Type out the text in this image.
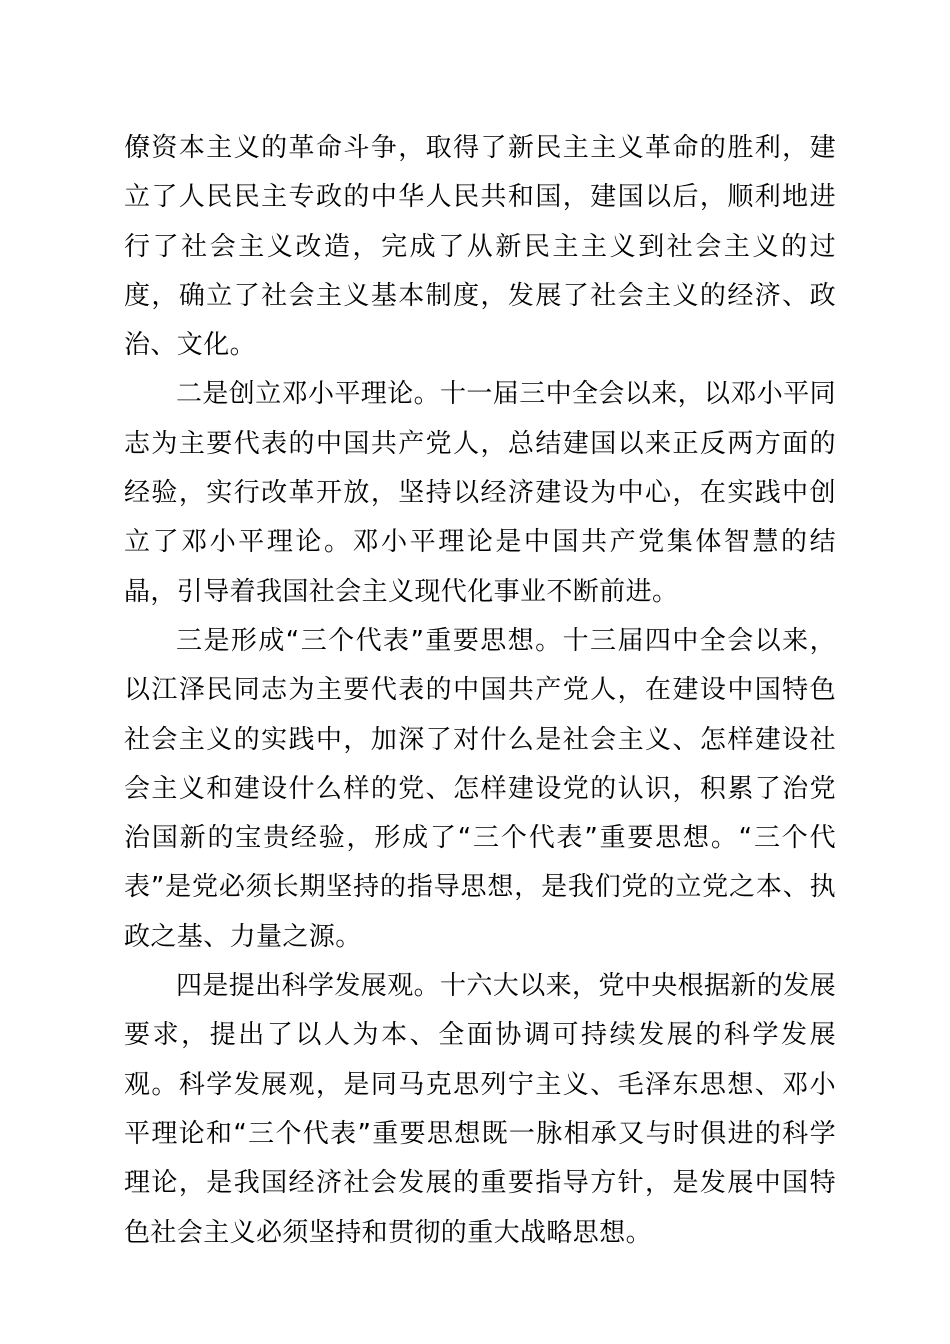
僚资本主义的革命斗争，取得了新民主主义革命的胜利，建立了人民民主专政的中华人民共和国，建国以后，顺利地进行了社会主义改造，完成了从新民主主义到社会主义的过度，确立了社会主义基本制度，发展了社会主义的经济、政治、文化。

二是创立邓小平理论。十一届三中全会以来，以邓小平同志为主要代表的中国共产党人，总结建国以来正反两方面的经验，实行改革开放，坚持以经济建设为中心，在实践中创立了邓小平理论。邓小平理论是中国共产党集体智慧的结晶，引导着我国社会主义现代化事业不断前进。

三是形成“三个代表”重要思想。十三届四中全会以来，以江泽民同志为主要代表的中国共产党人，在建设中国特色社会主义的实践中，加深了对什么是社会主义、怎样建设社会主义和建设什么样的党、怎样建设党的认识，积累了治党治国新的宝贵经验，形成了“三个代表”重要思想。“三个代表”是党必须长期坚持的指导思想，是我们党的立党之本、执政之基、力量之源。

四是提出科学发展观。十六大以来，党中央根据新的发展要求，提出了以人为本、全面协调可持续发展的科学发展观。科学发展观，是同马克思列宁主义、毛泽东思想、邓小平理论和“三个代表”重要思想既一脉相承又与时俱进的科学理论，是我国经济社会发展的重要指导方针，是发展中国特色社会主义必须坚持和贯彻的重大战略思想。
